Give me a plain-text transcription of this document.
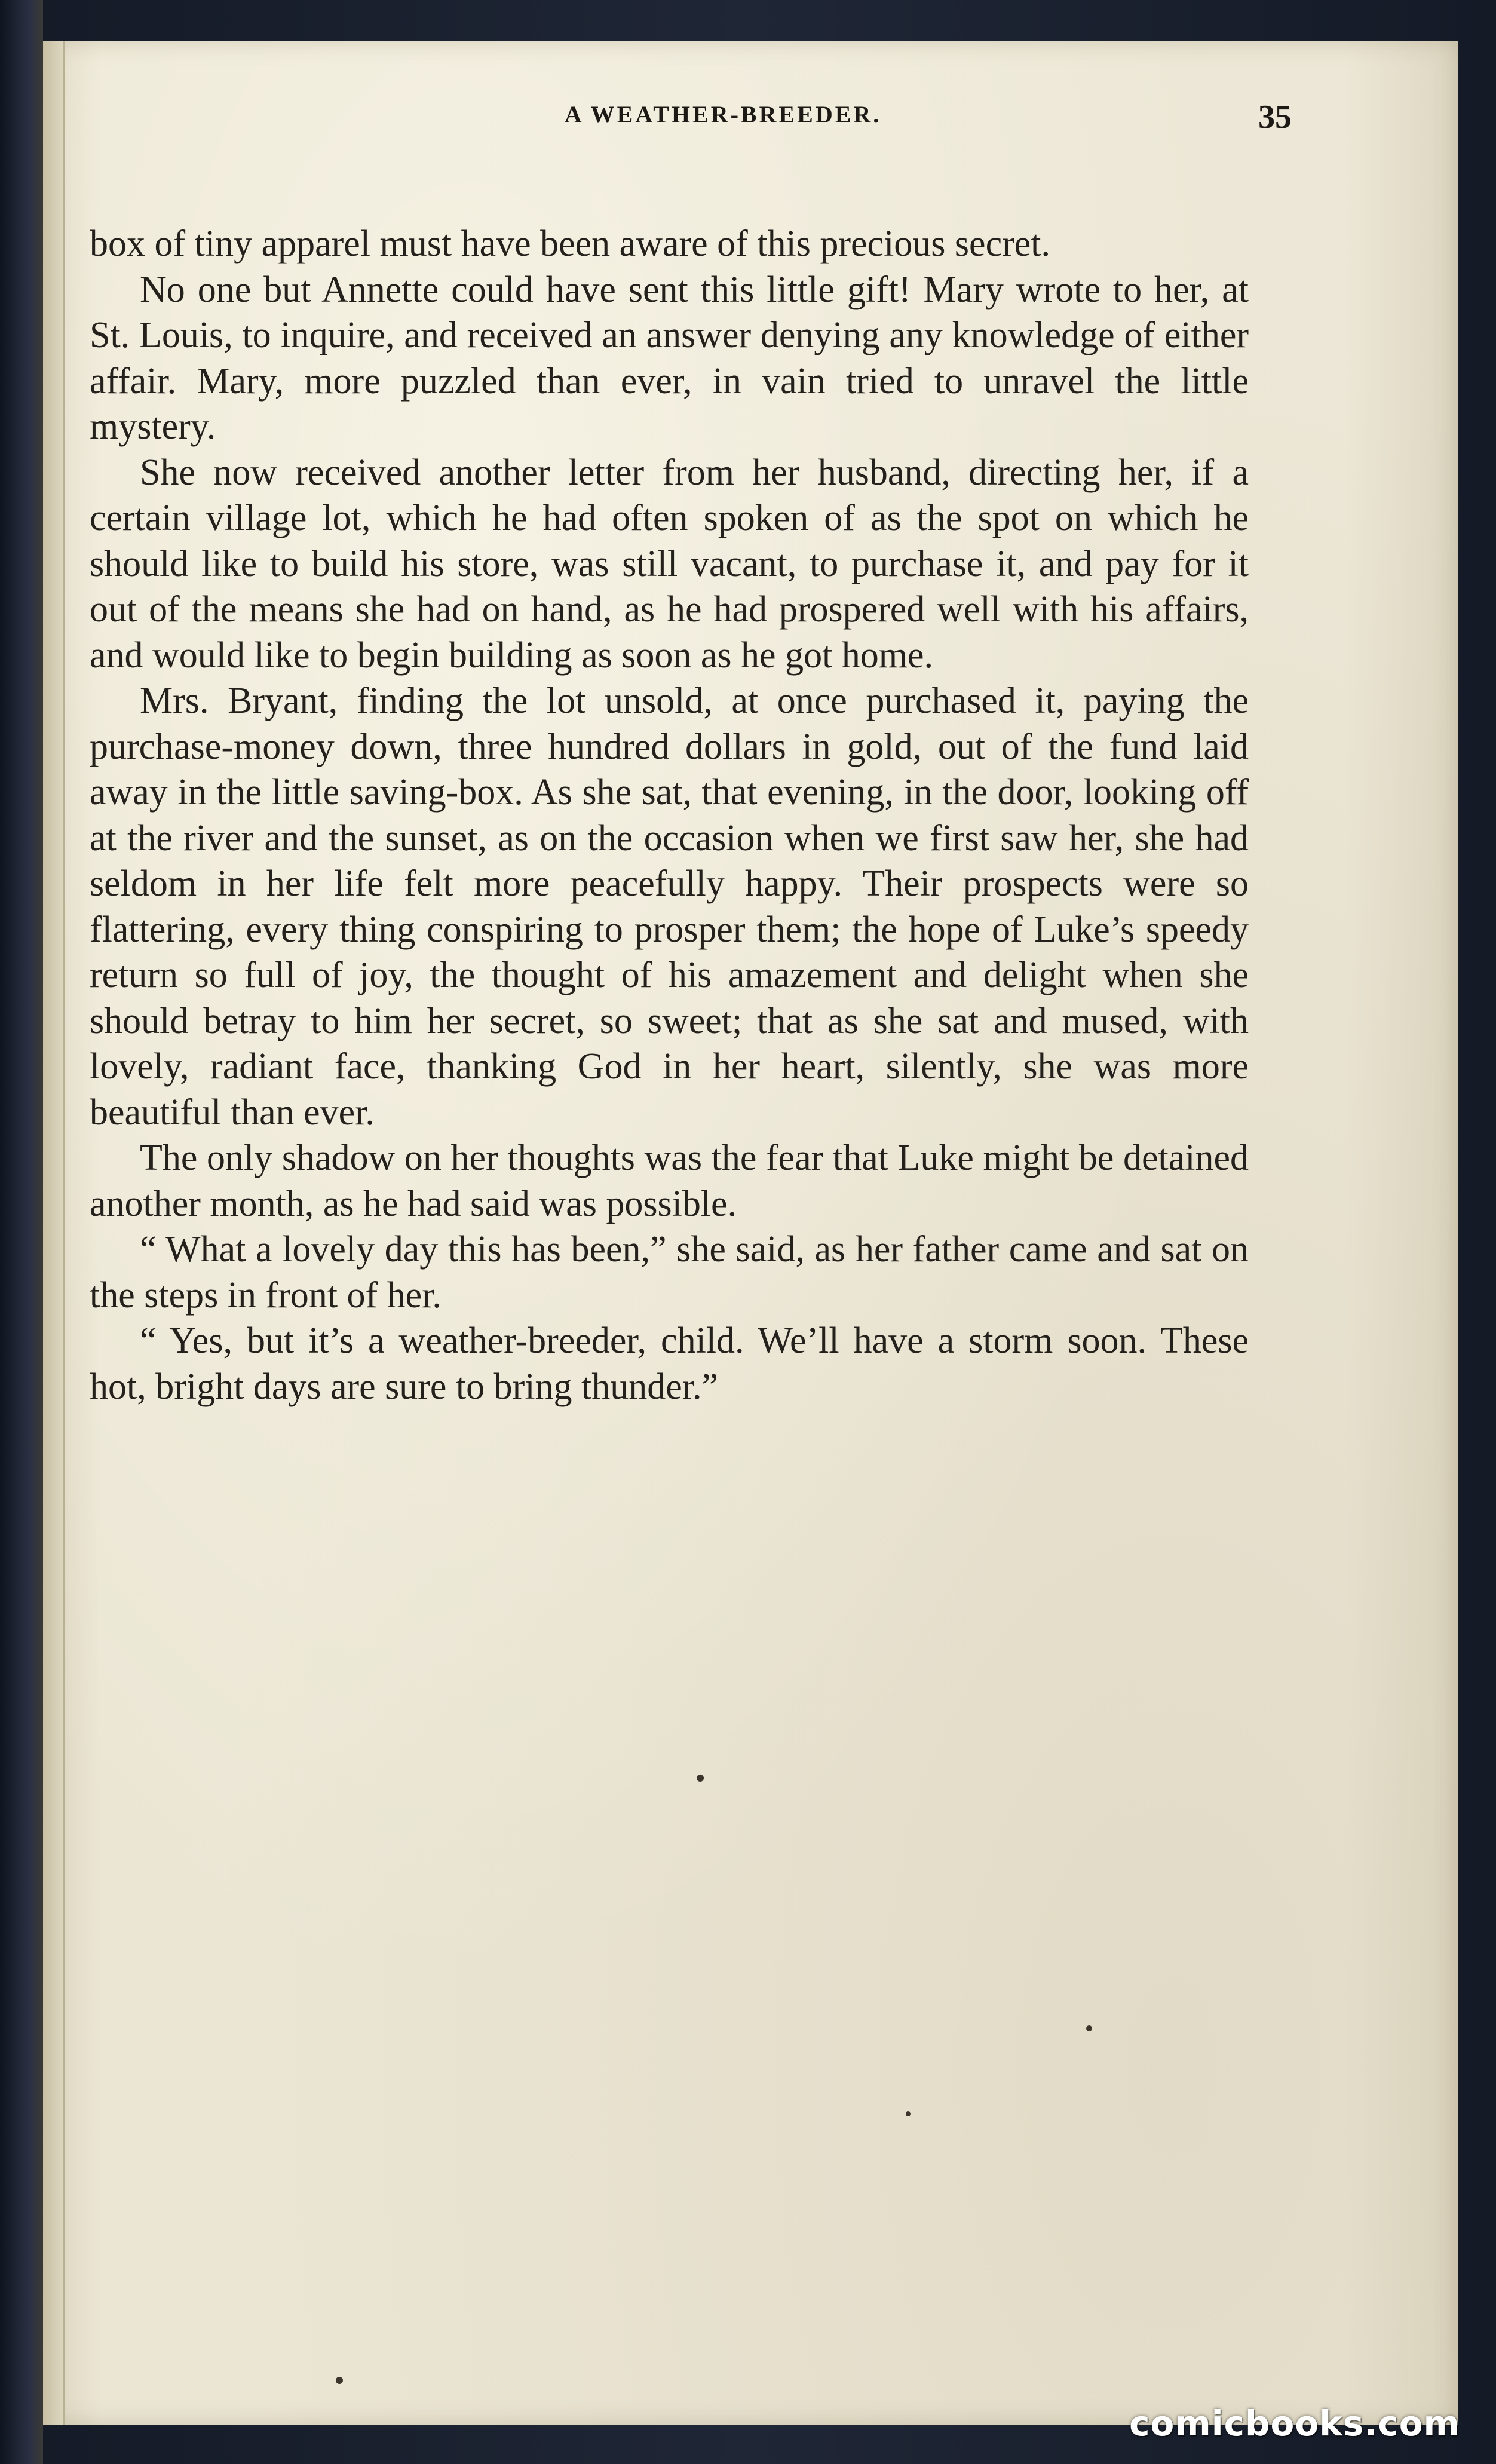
A WEATHER-BREEDER.	35

box of tiny apparel must have been aware of this precious secret.

No one but Annette could have sent this little gift! Mary wrote to her, at St. Louis, to inquire, and received an answer denying any knowledge of either affair. Mary, more puzzled than ever, in vain tried to unravel the little mystery.

She now received another letter from her husband, directing her, if a certain village lot, which he had often spoken of as the spot on which he should like to build his store, was still vacant, to purchase it, and pay for it out of the means she had on hand, as he had prospered well with his affairs, and would like to begin building as soon as he got home.

Mrs. Bryant, finding the lot unsold, at once purchased it, paying the purchase-money down, three hundred dollars in gold, out of the fund laid away in the little saving-box. As she sat, that evening, in the door, looking off at the river and the sunset, as on the occasion when we first saw her, she had seldom in her life felt more peacefully happy. Their prospects were so flattering, every thing conspiring to prosper them; the hope of Luke’s speedy return so full of joy, the thought of his amazement and delight when she should betray to him her secret, so sweet; that as she sat and mused, with lovely, radiant face, thanking God in her heart, silently, she was more beautiful than ever.

The only shadow on her thoughts was the fear that Luke might be detained another month, as he had said was possible.

“ What a lovely day this has been,” she said, as her father came and sat on the steps in front of her.

“ Yes, but it’s a weather-breeder, child. We’ll have a storm soon. These hot, bright days are sure to bring thunder.”

comicbooks.com
